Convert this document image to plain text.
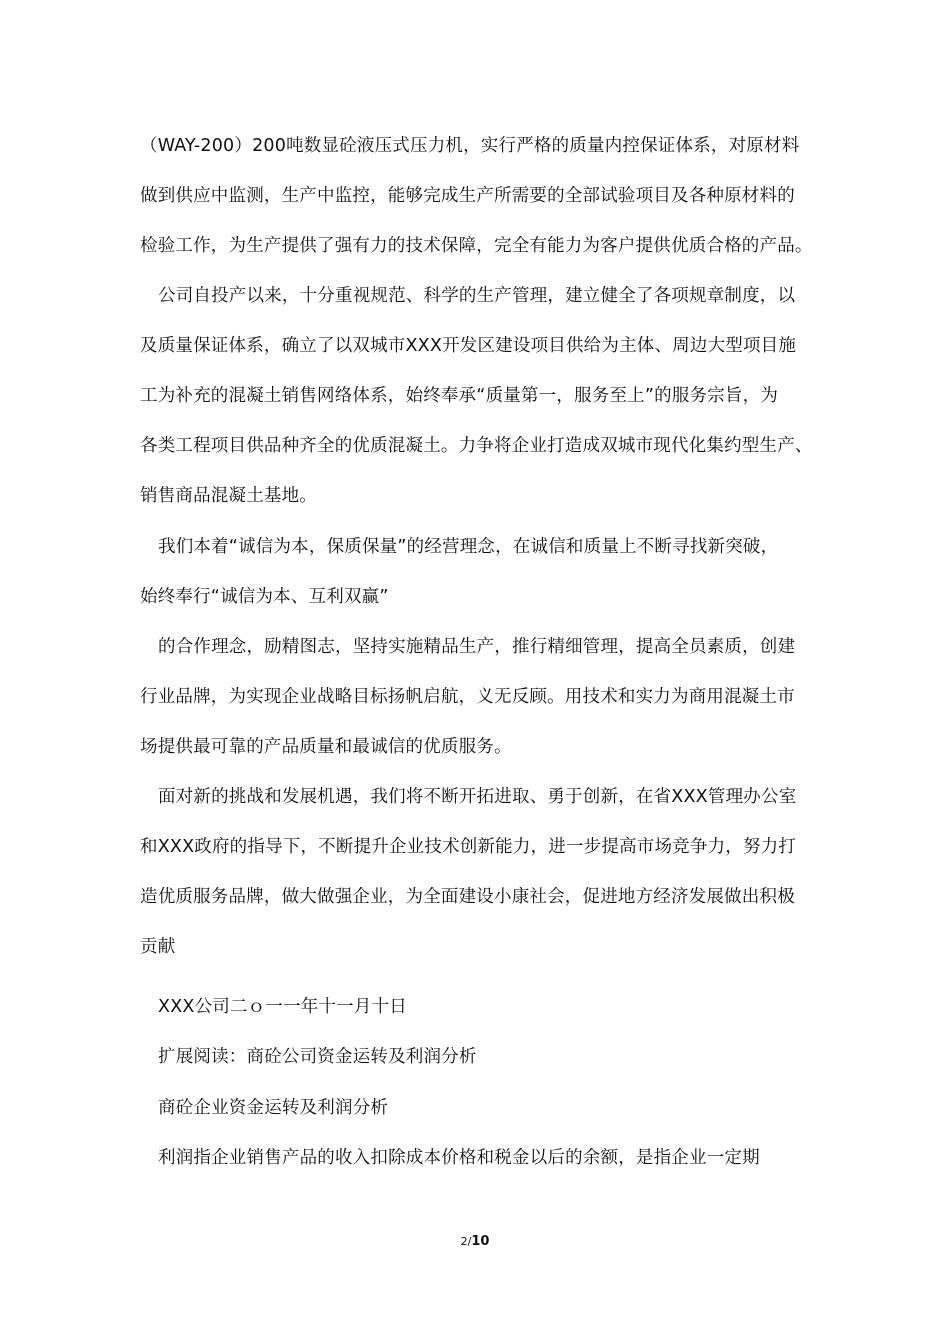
（WAY-200）200吨数显砼液压式压力机，实行严格的质量内控保证体系，对原材料
做到供应中监测，生产中监控，能够完成生产所需要的全部试验项目及各种原材料的
检验工作，为生产提供了强有力的技术保障，完全有能力为客户提供优质合格的产品。
公司自投产以来，十分重视规范、科学的生产管理，建立健全了各项规章制度，以
及质量保证体系，确立了以双城市XXX开发区建设项目供给为主体、周边大型项目施
工为补充的混凝土销售网络体系，始终奉承“质量第一，服务至上”的服务宗旨，为
各类工程项目供品种齐全的优质混凝土。力争将企业打造成双城市现代化集约型生产、
销售商品混凝土基地。
我们本着“诚信为本，保质保量”的经营理念，在诚信和质量上不断寻找新突破，
始终奉行“诚信为本、互利双赢”
的合作理念，励精图志，坚持实施精品生产，推行精细管理，提高全员素质，创建
行业品牌，为实现企业战略目标扬帆启航，义无反顾。用技术和实力为商用混凝土市
场提供最可靠的产品质量和最诚信的优质服务。
面对新的挑战和发展机遇，我们将不断开拓进取、勇于创新，在省XXX管理办公室
和XXX政府的指导下，不断提升企业技术创新能力，进一步提高市场竞争力，努力打
造优质服务品牌，做大做强企业，为全面建设小康社会，促进地方经济发展做出积极
贡献
XXX公司二ｏ一一年十一月十日
扩展阅读：商砼公司资金运转及利润分析
商砼企业资金运转及利润分析
利润指企业销售产品的收入扣除成本价格和税金以后的余额，是指企业一定期
2/10
